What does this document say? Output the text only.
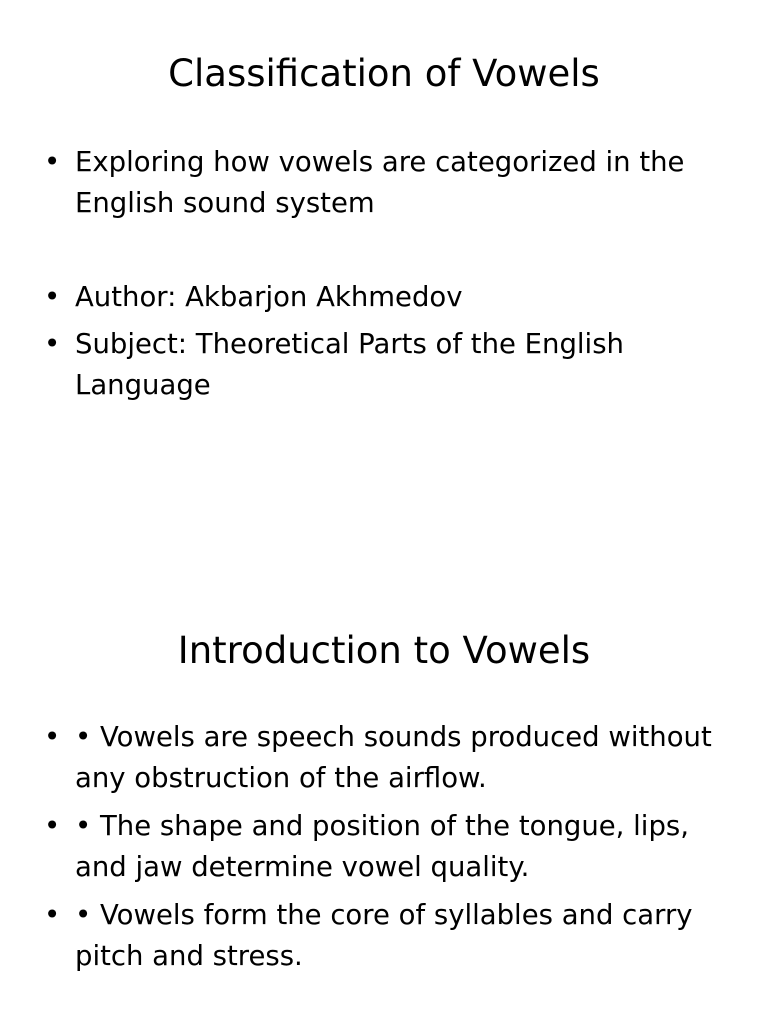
Classification of Vowels
• Exploring how vowels are categorized in the English sound system
• Author: Akbarjon Akhmedov
• Subject: Theoretical Parts of the English Language
Introduction to Vowels
• • Vowels are speech sounds produced without any obstruction of the airflow.
• • The shape and position of the tongue, lips, and jaw determine vowel quality.
• • Vowels form the core of syllables and carry pitch and stress.
